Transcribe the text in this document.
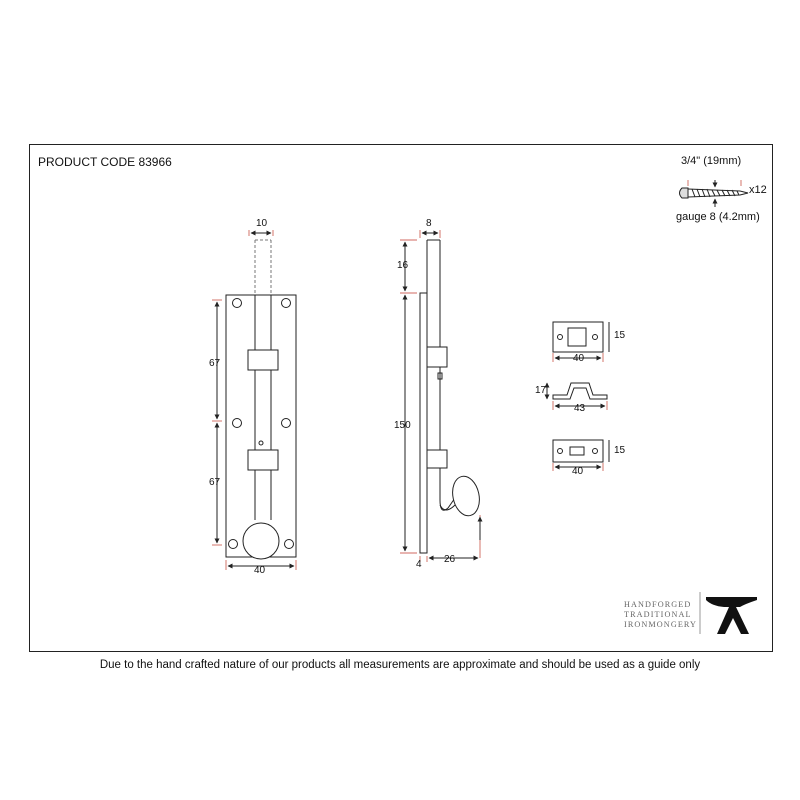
PRODUCT CODE 83966	3/4" (19mm)
x12
gauge 8 (4.2mm)
10
67
67
40
8
16
150
4 26
15
40
17
43
15
40
HANDFORGED
TRADITIONAL
IRONMONGERY
Due to the hand crafted nature of our products all measurements are approximate and should be used as a guide only
